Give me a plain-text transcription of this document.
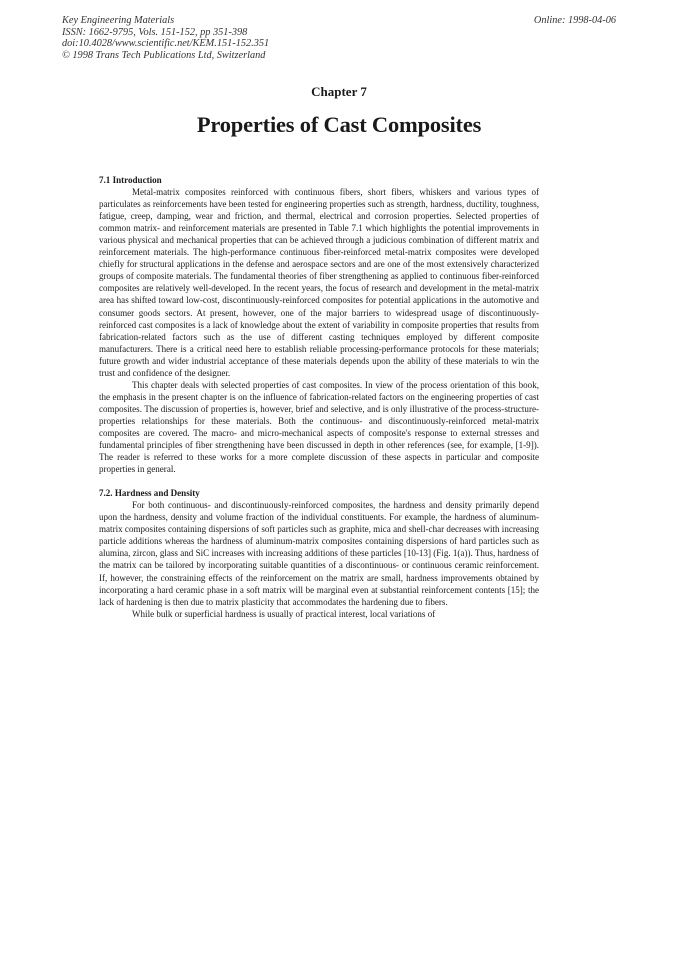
Key Engineering Materials
ISSN: 1662-9795, Vols. 151-152, pp 351-398
doi:10.4028/www.scientific.net/KEM.151-152.351
© 1998 Trans Tech Publications Ltd, Switzerland
Online: 1998-04-06
Chapter 7
Properties of Cast Composites

7.1 Introduction

Metal-matrix composites reinforced with continuous fibers, short fibers, whiskers and various types of particulates as reinforcements have been tested for engineering properties such as strength, hardness, ductility, toughness, fatigue, creep, damping, wear and friction, and thermal, electrical and corrosion properties. Selected properties of common matrix- and reinforcement materials are presented in Table 7.1 which highlights the potential improvements in various physical and mechanical properties that can be achieved through a judicious combination of different matrix and reinforcement materials. The high-performance continuous fiber-reinforced metal-matrix composites were developed chiefly for structural applications in the defense and aerospace sectors and are one of the most extensively characterized groups of composite materials. The fundamental theories of fiber strengthening as applied to continuous fiber-reinforced composites are relatively well-developed. In the recent years, the focus of research and development in the metal-matrix area has shifted toward low-cost, discontinuously-reinforced composites for potential applications in the automotive and consumer goods sectors. At present, however, one of the major barriers to widespread usage of discontinuously-reinforced cast composites is a lack of knowledge about the extent of variability in composite properties that results from fabrication-related factors such as the use of different casting techniques employed by different composite manufacturers. There is a critical need here to establish reliable processing-performance protocols for these materials; future growth and wider industrial acceptance of these materials depends upon the ability of these materials to win the trust and confidence of the designer.

This chapter deals with selected properties of cast composites. In view of the process orientation of this book, the emphasis in the present chapter is on the influence of fabrication-related factors on the engineering properties of cast composites. The discussion of properties is, however, brief and selective, and is only illustrative of the process-structure-properties relationships for these materials. Both the continuous- and discontinuously-reinforced metal-matrix composites are covered. The macro- and micro-mechanical aspects of composite's response to external stresses and fundamental principles of fiber strengthening have been discussed in depth in other references (see, for example, [1-9]). The reader is referred to these works for a more complete discussion of these aspects in particular and composite properties in general.

7.2. Hardness and Density

For both continuous- and discontinuously-reinforced composites, the hardness and density primarily depend upon the hardness, density and volume fraction of the individual constituents. For example, the hardness of aluminum-matrix composites containing dispersions of soft particles such as graphite, mica and shell-char decreases with increasing particle additions whereas the hardness of aluminum-matrix composites containing dispersions of hard particles such as alumina, zircon, glass and SiC increases with increasing additions of these particles [10-13] (Fig. 1(a)). Thus, hardness of the matrix can be tailored by incorporating suitable quantities of a discontinuous- or continuous ceramic reinforcement. If, however, the constraining effects of the reinforcement on the matrix are small, hardness improvements obtained by incorporating a hard ceramic phase in a soft matrix will be marginal even at substantial reinforcement contents [15]; the lack of hardening is then due to matrix plasticity that accommodates the hardening due to fibers.

While bulk or superficial hardness is usually of practical interest, local variations of
